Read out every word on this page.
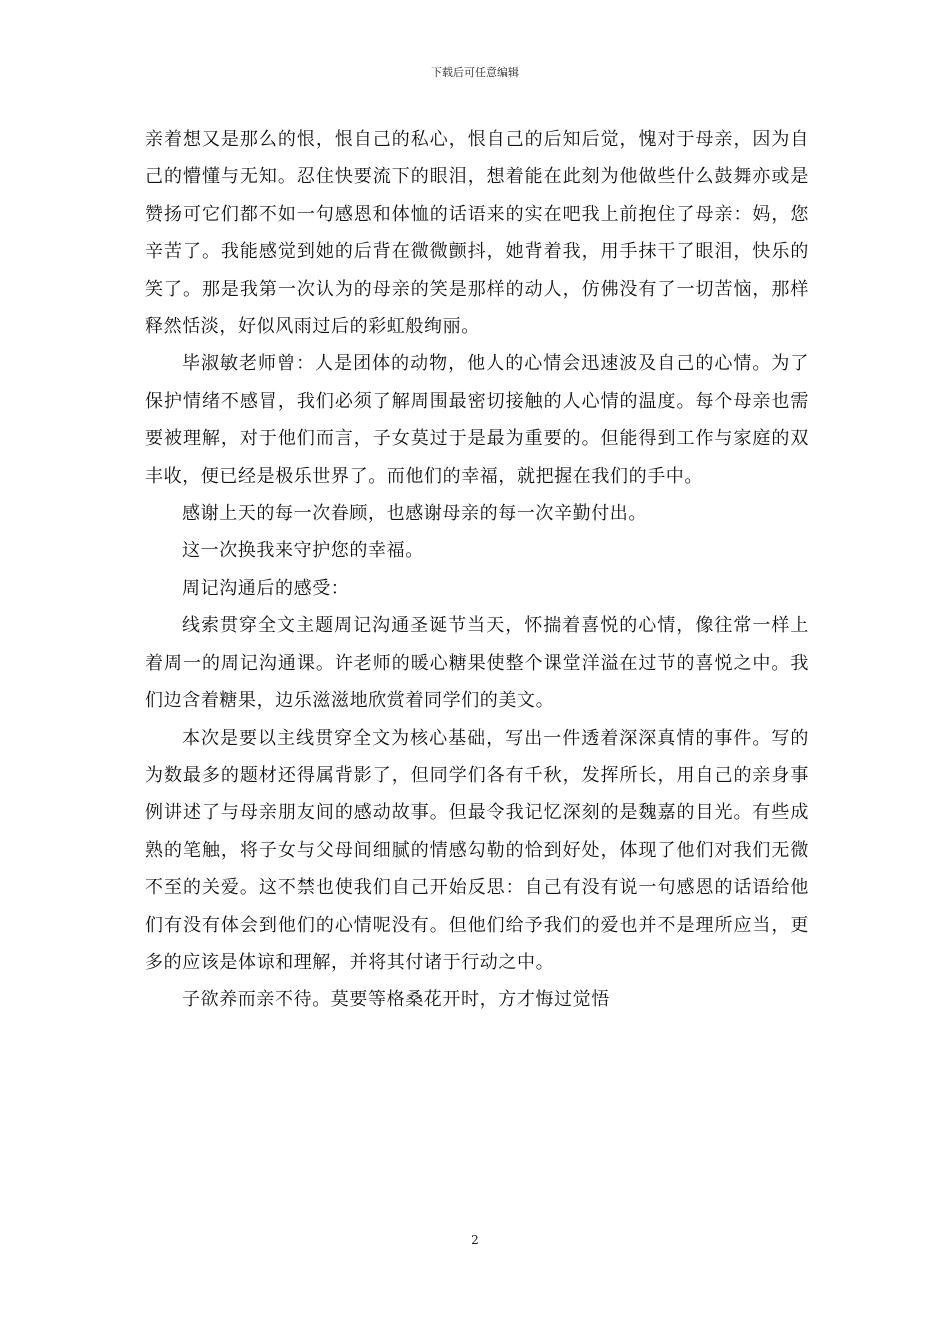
下载后可任意编辑

亲着想又是那么的恨，恨自己的私心，恨自己的后知后觉，愧对于母亲，因为自己的懵懂与无知。忍住快要流下的眼泪，想着能在此刻为他做些什么鼓舞亦或是赞扬可它们都不如一句感恩和体恤的话语来的实在吧我上前抱住了母亲：妈，您辛苦了。我能感觉到她的后背在微微颤抖，她背着我，用手抹干了眼泪，快乐的笑了。那是我第一次认为的母亲的笑是那样的动人，仿佛没有了一切苦恼，那样释然恬淡，好似风雨过后的彩虹般绚丽。

毕淑敏老师曾：人是团体的动物，他人的心情会迅速波及自己的心情。为了保护情绪不感冒，我们必须了解周围最密切接触的人心情的温度。每个母亲也需要被理解，对于他们而言，子女莫过于是最为重要的。但能得到工作与家庭的双丰收，便已经是极乐世界了。而他们的幸福，就把握在我们的手中。

感谢上天的每一次眷顾，也感谢母亲的每一次辛勤付出。

这一次换我来守护您的幸福。

周记沟通后的感受：

线索贯穿全文主题周记沟通圣诞节当天，怀揣着喜悦的心情，像往常一样上着周一的周记沟通课。许老师的暖心糖果使整个课堂洋溢在过节的喜悦之中。我们边含着糖果，边乐滋滋地欣赏着同学们的美文。

本次是要以主线贯穿全文为核心基础，写出一件透着深深真情的事件。写的为数最多的题材还得属背影了，但同学们各有千秋，发挥所长，用自己的亲身事例讲述了与母亲朋友间的感动故事。但最令我记忆深刻的是魏嘉的目光。有些成熟的笔触，将子女与父母间细腻的情感勾勒的恰到好处，体现了他们对我们无微不至的关爱。这不禁也使我们自己开始反思：自己有没有说一句感恩的话语给他们有没有体会到他们的心情呢没有。但他们给予我们的爱也并不是理所应当，更多的应该是体谅和理解，并将其付诸于行动之中。

子欲养而亲不待。莫要等格桑花开时，方才悔过觉悟

2
